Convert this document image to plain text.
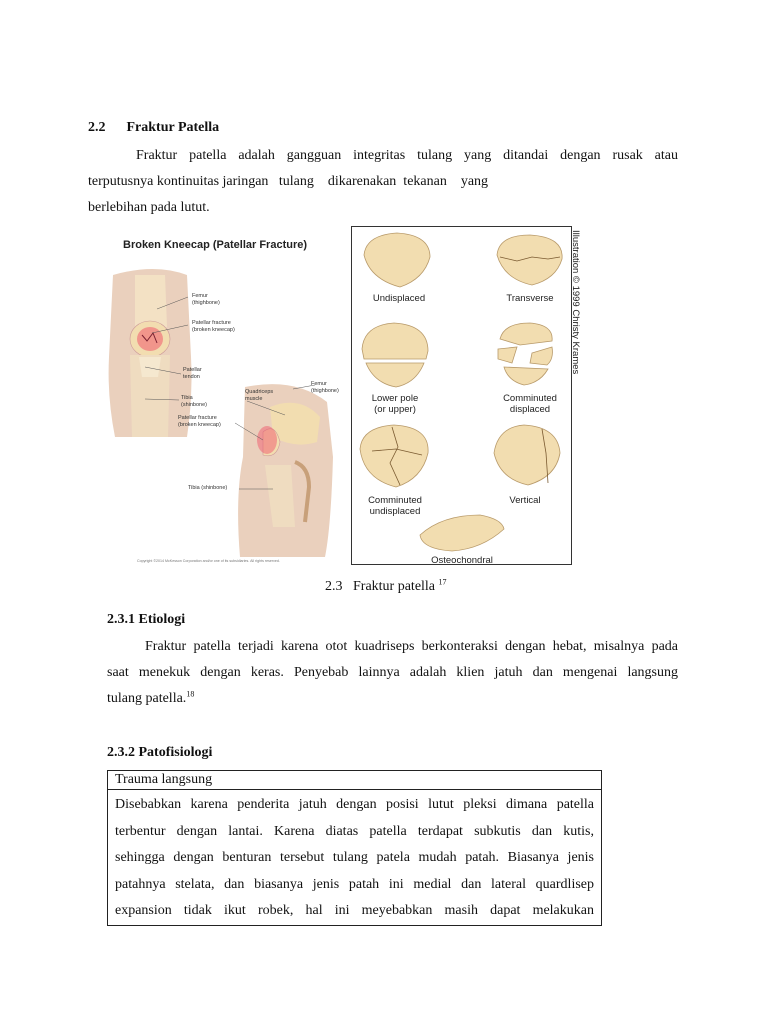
2.2 Fraktur Patella
Fraktur patella adalah gangguan integritas tulang yang ditandai dengan rusak atau
terputusnya kontinuitas jaringan   tulang    dikarenakan  tekanan    yang
berlebihan pada lutut.
Broken Kneecap (Patellar Fracture)
Femur
(thighbone)
Patellar fracture
(broken kneecap)
Patellar
tendon
Tibia
(shinbone)
Quadriceps
muscle
Femur
(thighbone)
Patellar fracture
(broken kneecap)
Tibia (shinbone)
Copyright ©2014 McKesson Corporation and/or one of its subsidiaries. All rights reserved.
Undisplaced	Transverse
Lower pole
(or upper)
Comminuted
displaced
Comminuted
undisplaced
Vertical
Osteochondral
Illustration © 1999 Christy Krames
2.3 Fraktur patella $^{17}$
2.3.1 Etiologi
Fraktur patella terjadi karena otot kuadriseps berkonteraksi dengan hebat, misalnya pada
saat menekuk dengan keras. Penyebab lainnya adalah klien jatuh dan mengenai langsung
tulang patella.$^{18}$
2.3.2 Patofisiologi
Trauma langsung

Disebabkan karena penderita jatuh dengan posisi lutut pleksi dimana patella
terbentur dengan lantai. Karena diatas patella terdapat subkutis dan kutis,
sehingga dengan benturan tersebut tulang patela mudah patah. Biasanya jenis
patahnya stelata, dan biasanya jenis patah ini medial dan lateral quardlisep
expansion tidak ikut robek, hal ini meyebabkan masih dapat melakukan
